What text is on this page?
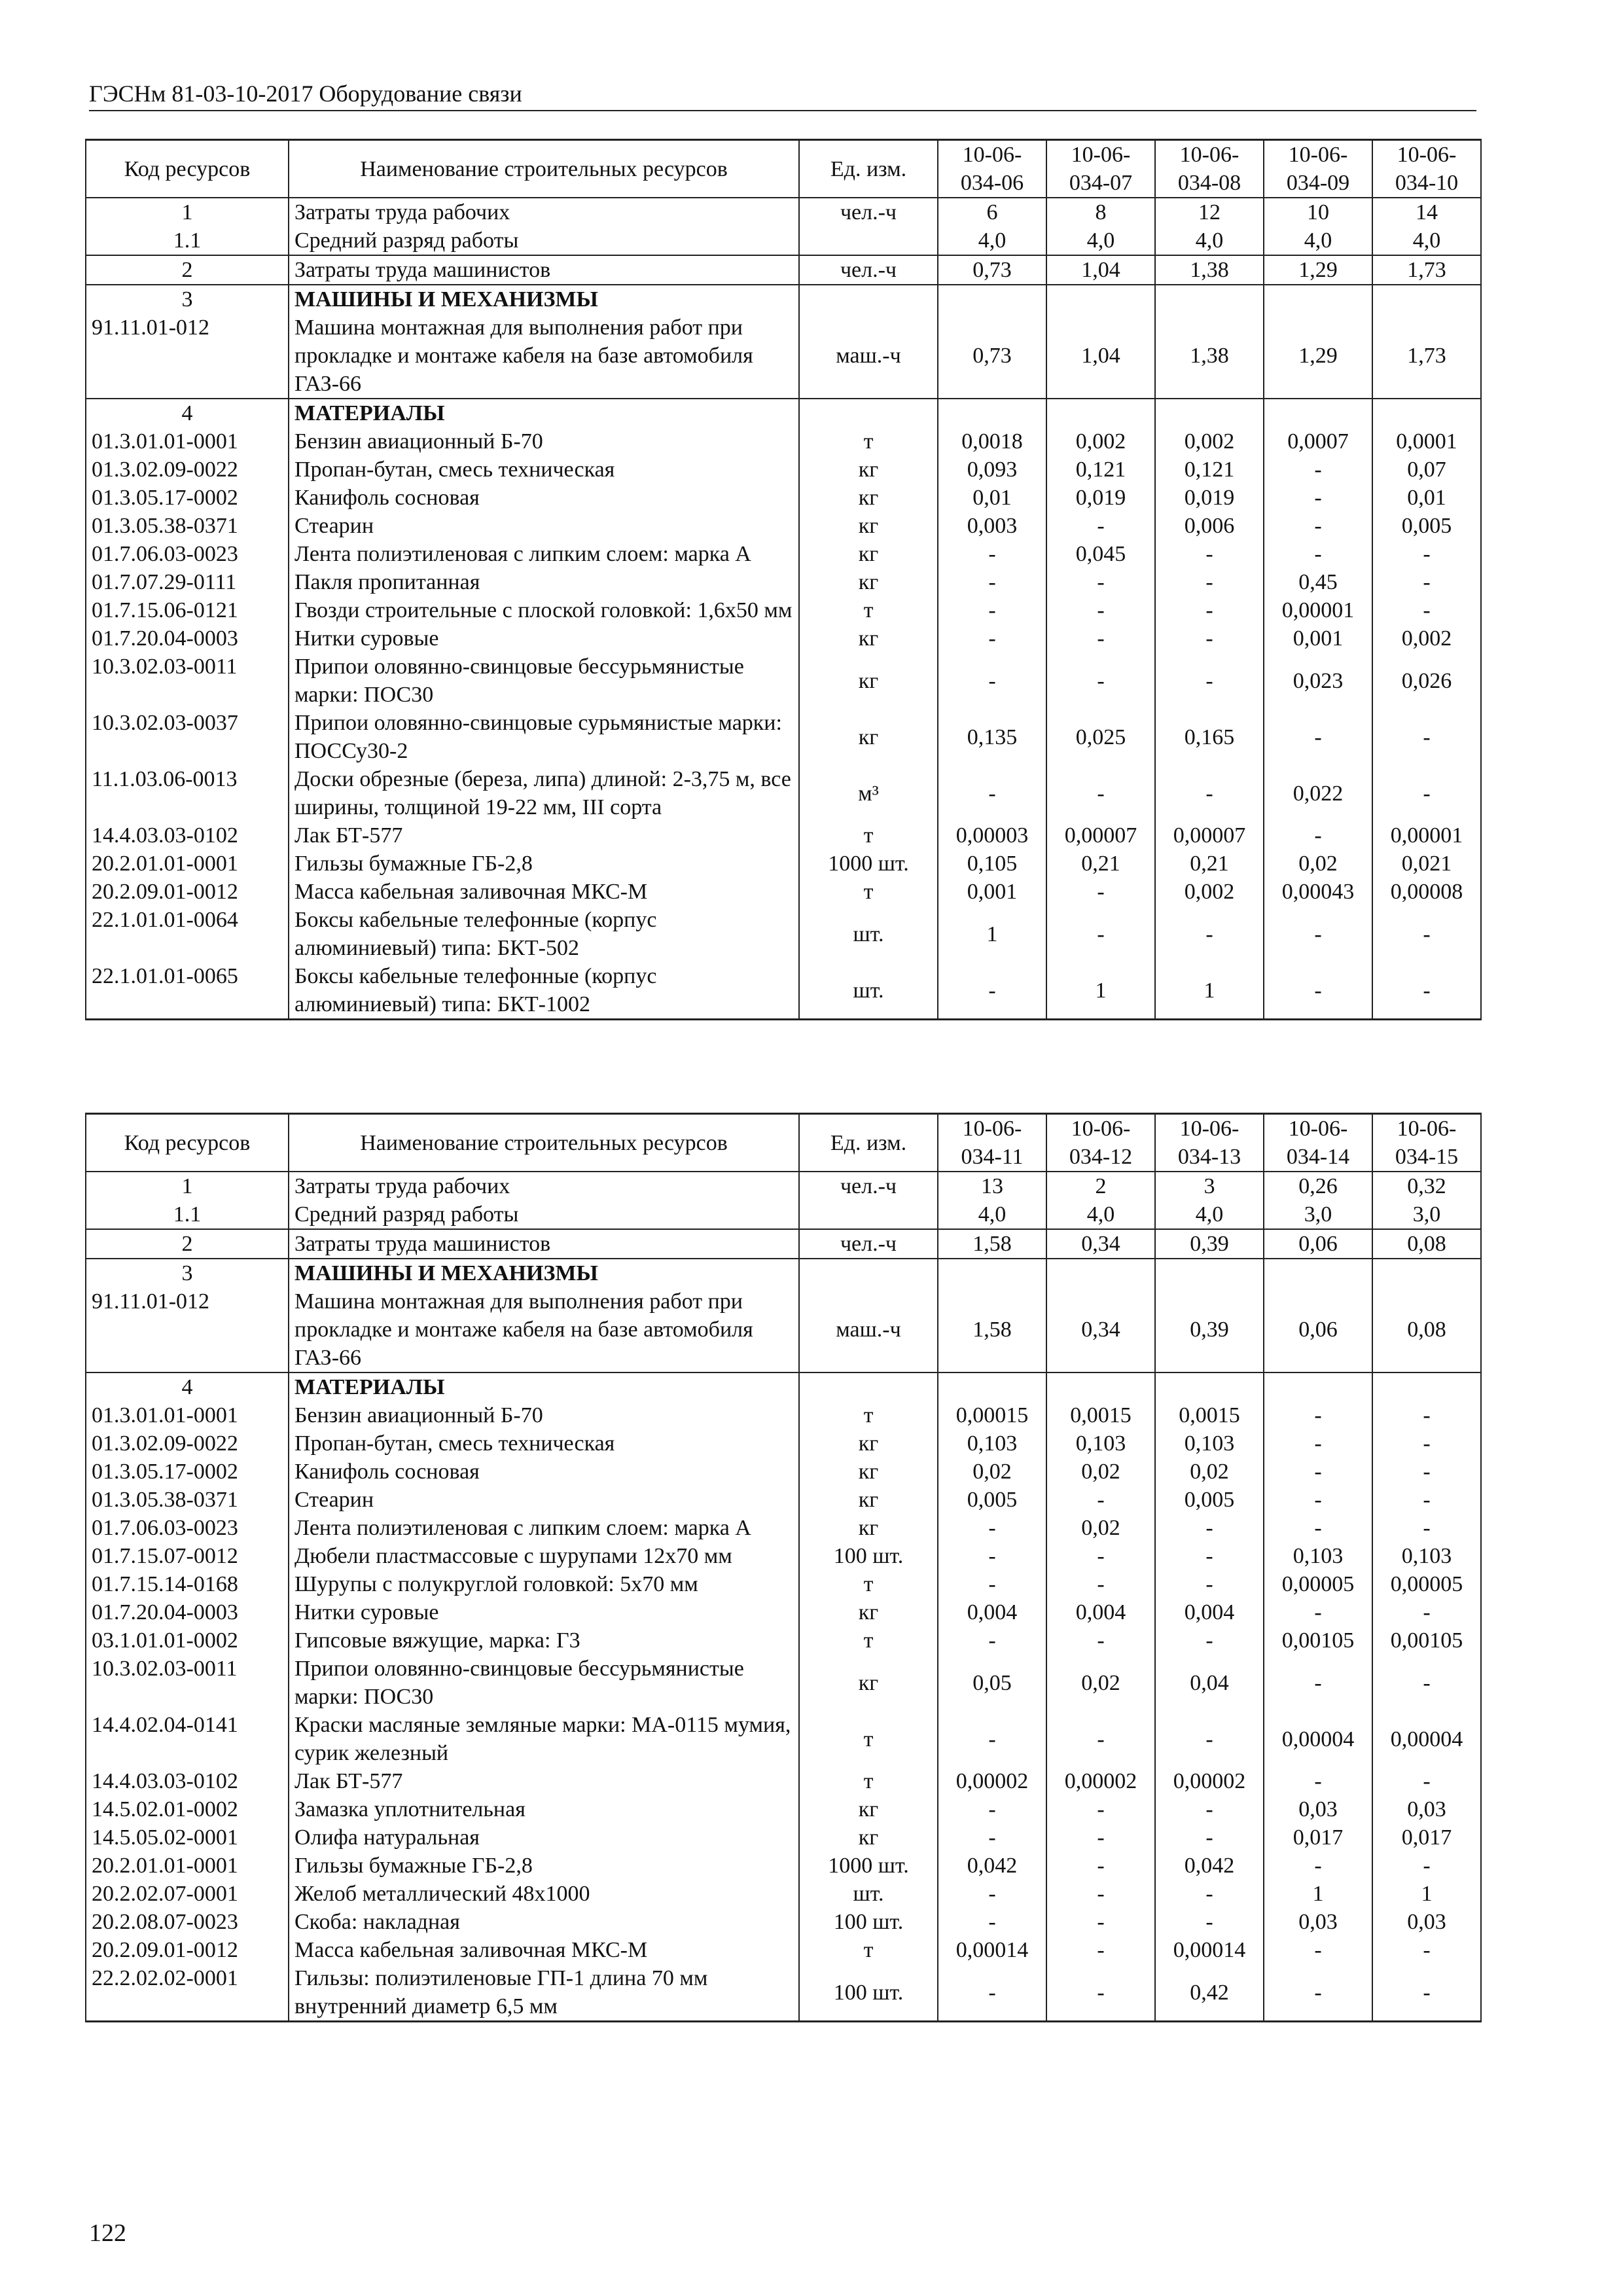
ГЭСНм 81-03-10-2017 Оборудование связи
Код ресурсов	Наименование строительных ресурсов	Ед. изм.	10-06-034-06	10-06-034-07	10-06-034-08	10-06-034-09	10-06-034-10
1	Затраты труда рабочих	чел.-ч	6	8	12	10	14
1.1	Средний разряд работы		4,0	4,0	4,0	4,0	4,0
2	Затраты труда машинистов	чел.-ч	0,73	1,04	1,38	1,29	1,73
3	МАШИНЫ И МЕХАНИЗМЫ						
91.11.01-012	Машина монтажная для выполнения работ при прокладке и монтаже кабеля на базе автомобиля ГАЗ-66	маш.-ч	0,73	1,04	1,38	1,29	1,73
4	МАТЕРИАЛЫ						
01.3.01.01-0001	Бензин авиационный Б-70	т	0,0018	0,002	0,002	0,0007	0,0001
01.3.02.09-0022	Пропан-бутан, смесь техническая	кг	0,093	0,121	0,121	-	0,07
01.3.05.17-0002	Канифоль сосновая	кг	0,01	0,019	0,019	-	0,01
01.3.05.38-0371	Стеарин	кг	0,003	-	0,006	-	0,005
01.7.06.03-0023	Лента полиэтиленовая с липким слоем: марка А	кг	-	0,045	-	-	-
01.7.07.29-0111	Пакля пропитанная	кг	-	-	-	0,45	-
01.7.15.06-0121	Гвозди строительные с плоской головкой: 1,6х50 мм	т	-	-	-	0,00001	-
01.7.20.04-0003	Нитки суровые	кг	-	-	-	0,001	0,002
10.3.02.03-0011	Припои оловянно-свинцовые бессурьмянистые марки: ПОС30	кг	-	-	-	0,023	0,026
10.3.02.03-0037	Припои оловянно-свинцовые сурьмянистые марки: ПОССу30-2	кг	0,135	0,025	0,165	-	-
11.1.03.06-0013	Доски обрезные (береза, липа) длиной: 2-3,75 м, все ширины, толщиной 19-22 мм, III сорта	м³	-	-	-	0,022	-
14.4.03.03-0102	Лак БТ-577	т	0,00003	0,00007	0,00007	-	0,00001
20.2.01.01-0001	Гильзы бумажные ГБ-2,8	1000 шт.	0,105	0,21	0,21	0,02	0,021
20.2.09.01-0012	Масса кабельная заливочная МКС-М	т	0,001	-	0,002	0,00043	0,00008
22.1.01.01-0064	Боксы кабельные телефонные (корпус алюминиевый) типа: БКТ-502	шт.	1	-	-	-	-
22.1.01.01-0065	Боксы кабельные телефонные (корпус алюминиевый) типа: БКТ-1002	шт.	-	1	1	-	-
Код ресурсов	Наименование строительных ресурсов	Ед. изм.	10-06-034-11	10-06-034-12	10-06-034-13	10-06-034-14	10-06-034-15
1	Затраты труда рабочих	чел.-ч	13	2	3	0,26	0,32
1.1	Средний разряд работы		4,0	4,0	4,0	3,0	3,0
2	Затраты труда машинистов	чел.-ч	1,58	0,34	0,39	0,06	0,08
3	МАШИНЫ И МЕХАНИЗМЫ						
91.11.01-012	Машина монтажная для выполнения работ при прокладке и монтаже кабеля на базе автомобиля ГАЗ-66	маш.-ч	1,58	0,34	0,39	0,06	0,08
4	МАТЕРИАЛЫ						
01.3.01.01-0001	Бензин авиационный Б-70	т	0,00015	0,0015	0,0015	-	-
01.3.02.09-0022	Пропан-бутан, смесь техническая	кг	0,103	0,103	0,103	-	-
01.3.05.17-0002	Канифоль сосновая	кг	0,02	0,02	0,02	-	-
01.3.05.38-0371	Стеарин	кг	0,005	-	0,005	-	-
01.7.06.03-0023	Лента полиэтиленовая с липким слоем: марка А	кг	-	0,02	-	-	-
01.7.15.07-0012	Дюбели пластмассовые с шурупами 12х70 мм	100 шт.	-	-	-	0,103	0,103
01.7.15.14-0168	Шурупы с полукруглой головкой: 5х70 мм	т	-	-	-	0,00005	0,00005
01.7.20.04-0003	Нитки суровые	кг	0,004	0,004	0,004	-	-
03.1.01.01-0002	Гипсовые вяжущие, марка: Г3	т	-	-	-	0,00105	0,00105
10.3.02.03-0011	Припои оловянно-свинцовые бессурьмянистые марки: ПОС30	кг	0,05	0,02	0,04	-	-
14.4.02.04-0141	Краски масляные земляные марки: МА-0115 мумия, сурик железный	т	-	-	-	0,00004	0,00004
14.4.03.03-0102	Лак БТ-577	т	0,00002	0,00002	0,00002	-	-
14.5.02.01-0002	Замазка уплотнительная	кг	-	-	-	0,03	0,03
14.5.05.02-0001	Олифа натуральная	кг	-	-	-	0,017	0,017
20.2.01.01-0001	Гильзы бумажные ГБ-2,8	1000 шт.	0,042	-	0,042	-	-
20.2.02.07-0001	Желоб металлический 48х1000	шт.	-	-	-	1	1
20.2.08.07-0023	Скоба: накладная	100 шт.	-	-	-	0,03	0,03
20.2.09.01-0012	Масса кабельная заливочная МКС-М	т	0,00014	-	0,00014	-	-
22.2.02.02-0001	Гильзы: полиэтиленовые ГП-1 длина 70 мм внутренний диаметр 6,5 мм	100 шт.	-	-	0,42	-	-
122
